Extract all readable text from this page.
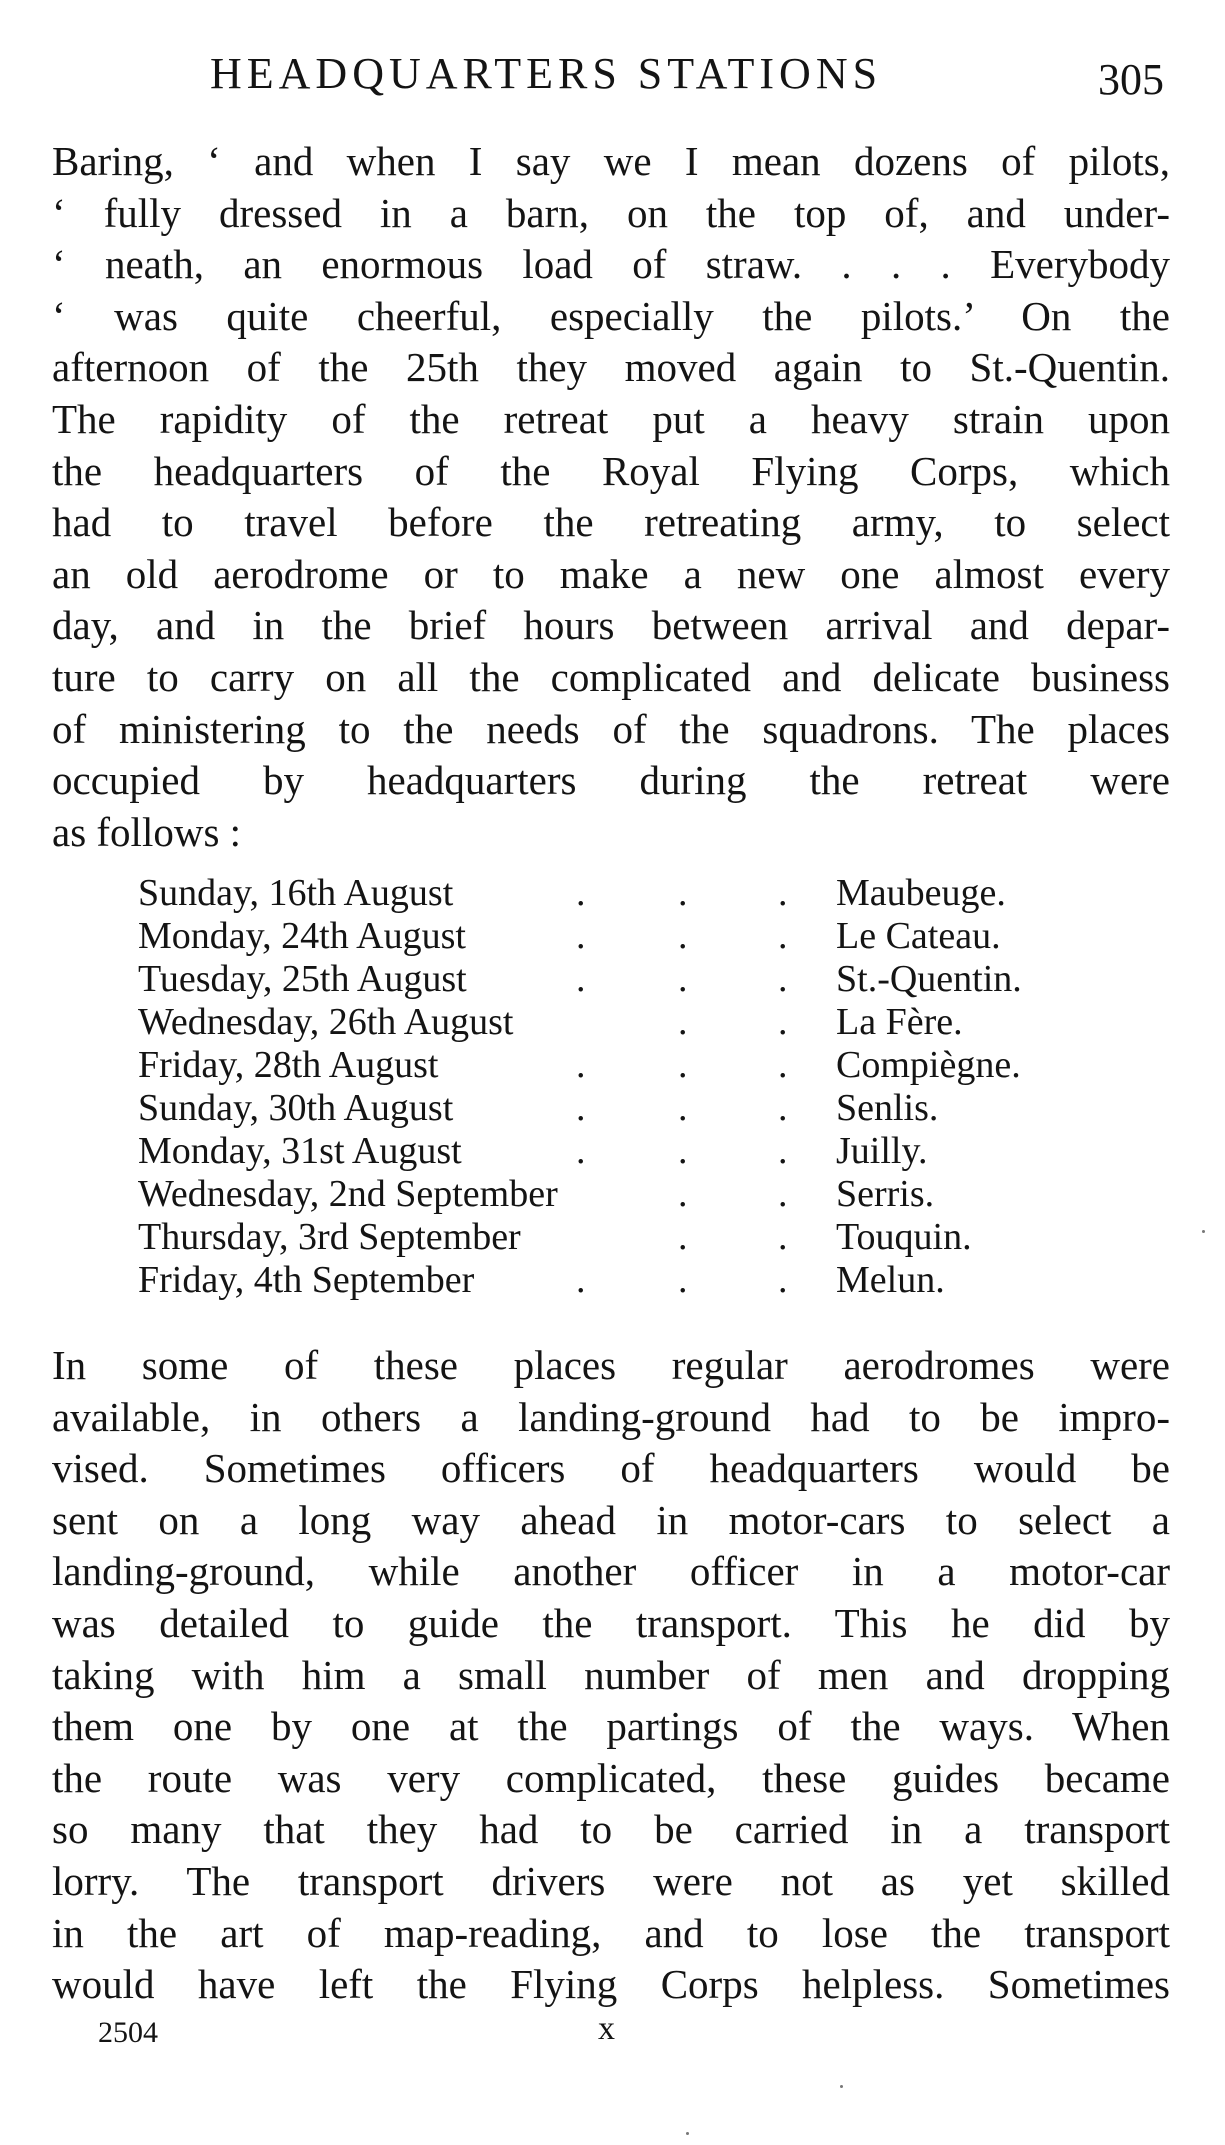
HEADQUARTERS STATIONS	305
Baring, ‘ and when I say we I mean dozens of pilots,
‘ fully dressed in a barn, on the top of, and under-
‘ neath, an enormous load of straw. . . . Everybody
‘ was quite cheerful, especially the pilots.’ On the
afternoon of the 25th they moved again to St.-Quentin.
The rapidity of the retreat put a heavy strain upon
the headquarters of the Royal Flying Corps, which
had to travel before the retreating army, to select
an old aerodrome or to make a new one almost every
day, and in the brief hours between arrival and depar-
ture to carry on all the complicated and delicate business
of ministering to the needs of the squadrons. The places
occupied by headquarters during the retreat were
as follows :
Sunday, 16th August	. . . Maubeuge.
Monday, 24th August	. . . Le Cateau.
Tuesday, 25th August	. . . St.-Quentin.
Wednesday, 26th August	. . La Fère.
Friday, 28th August	. . . Compiègne.
Sunday, 30th August	. . . Senlis.
Monday, 31st August	. . . Juilly.
Wednesday, 2nd September	. . Serris.
Thursday, 3rd September	. . Touquin.
Friday, 4th September	. . . Melun.
In some of these places regular aerodromes were
available, in others a landing-ground had to be impro-
vised. Sometimes officers of headquarters would be
sent on a long way ahead in motor-cars to select a
landing-ground, while another officer in a motor-car
was detailed to guide the transport. This he did by
taking with him a small number of men and dropping
them one by one at the partings of the ways. When
the route was very complicated, these guides became
so many that they had to be carried in a transport
lorry. The transport drivers were not as yet skilled
in the art of map-reading, and to lose the transport
would have left the Flying Corps helpless. Sometimes
2504	x
